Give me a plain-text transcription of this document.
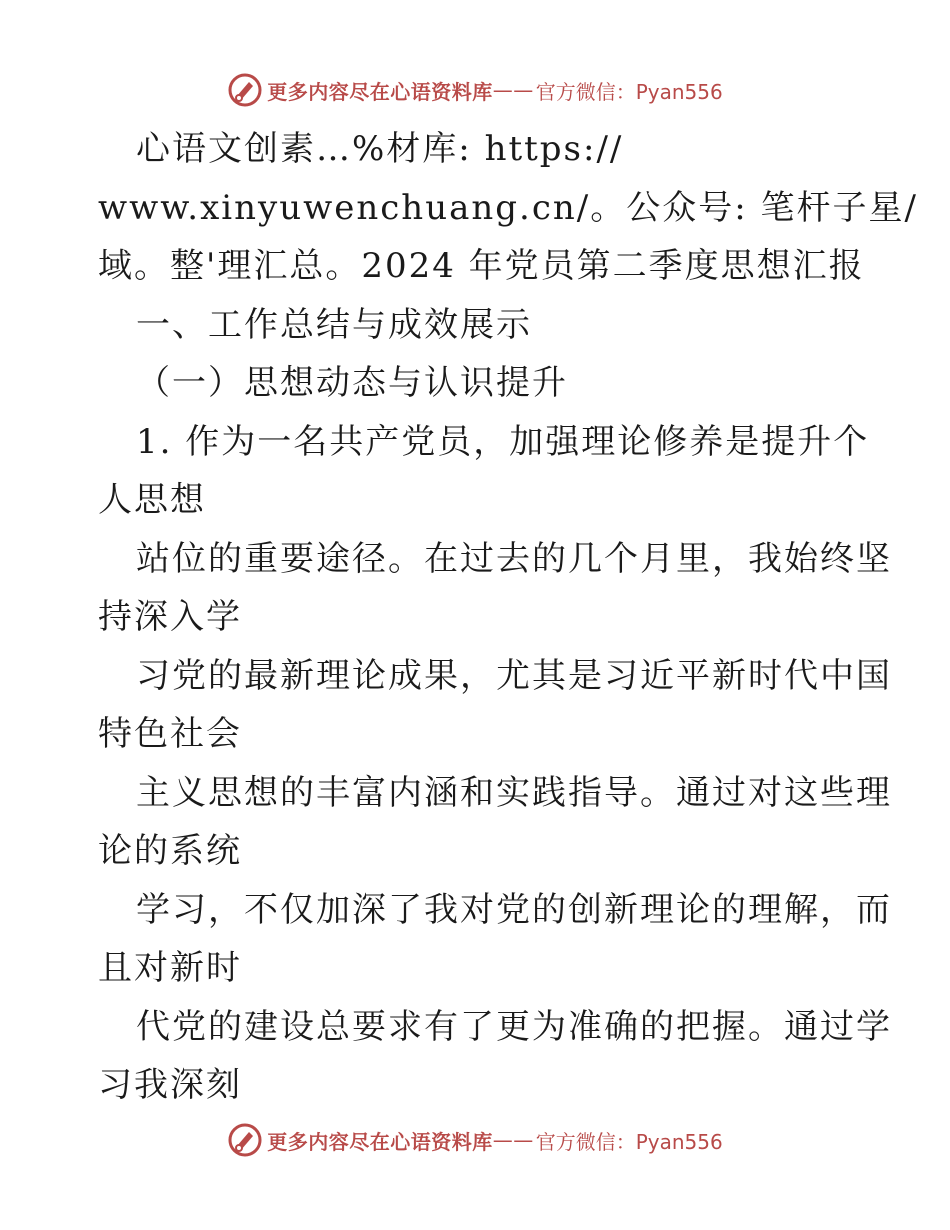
更多内容尽在心语资料库 —— 官方微信：Pyan556
心语文创素…%材库: https://
www.xinyuwenchuang.cn/。公众号: 笔杆子星/
域。整'理汇总。2024 年党员第二季度思想汇报
一、工作总结与成效展示
（一）思想动态与认识提升
1. 作为一名共产党员，加强理论修养是提升个
人思想
站位的重要途径。在过去的几个月里，我始终坚
持深入学
习党的最新理论成果，尤其是习近平新时代中国
特色社会
主义思想的丰富内涵和实践指导。通过对这些理
论的系统
学习，不仅加深了我对党的创新理论的理解，而
且对新时
代党的建设总要求有了更为准确的把握。通过学
习我深刻
更多内容尽在心语资料库 —— 官方微信：Pyan556
